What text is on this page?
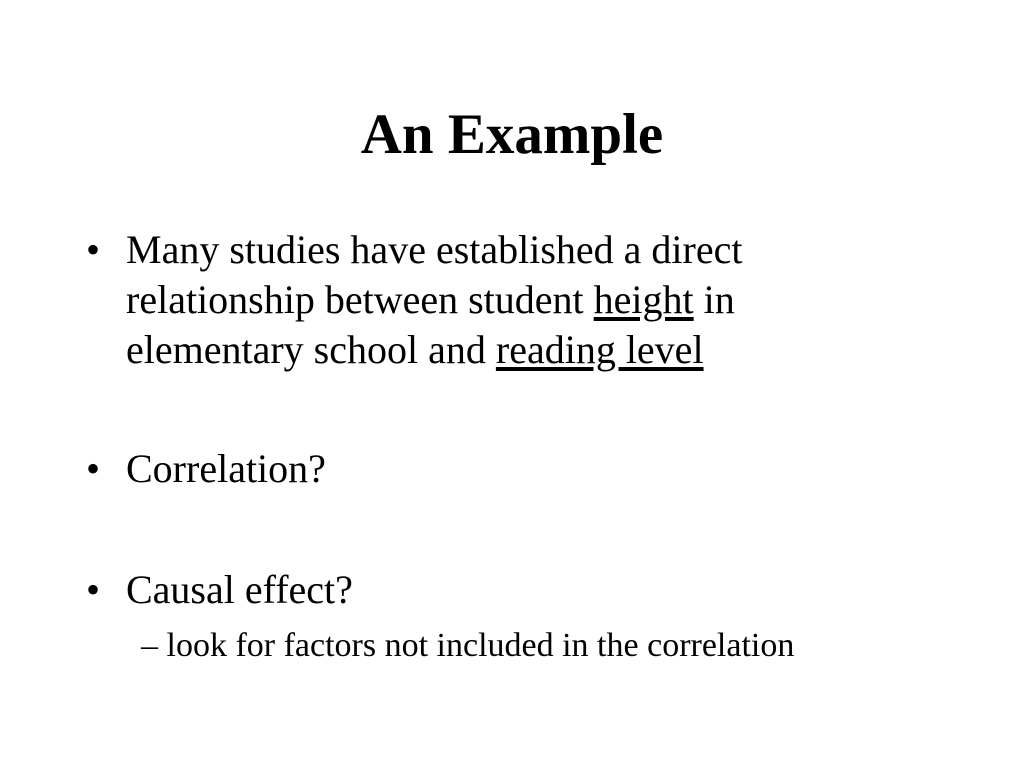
An Example
• Many studies have established a direct relationship between student height in elementary school and reading level
• Correlation?
• Causal effect?
– look for factors not included in the correlation
